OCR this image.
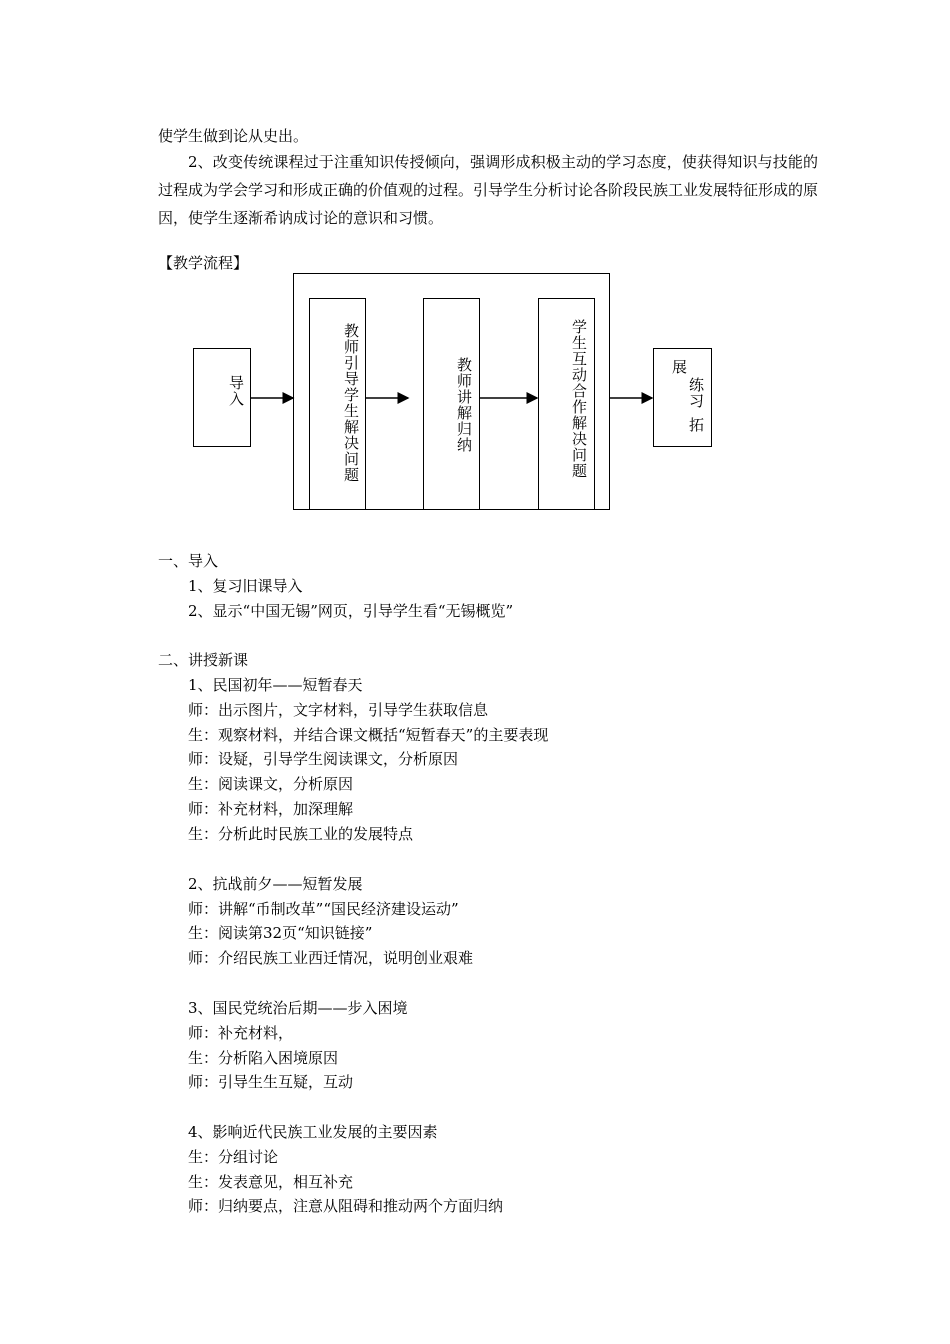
使学生做到论从史出。
2、改变传统课程过于注重知识传授倾向，强调形成积极主动的学习态度，使获得知识与技能的过程成为学会学习和形成正确的价值观的过程。引导学生分析讨论各阶段民族工业发展特征形成的原因，使学生逐渐希讷成讨论的意识和习惯。
【教学流程】
导入	教师引导学生解决问题	教师讲解归纳	学生互动合作解决问题	展
练习
拓
一、导入
1、复习旧课导入
2、显示“中国无锡”网页，引导学生看“无锡概览”
二、讲授新课
1、民国初年——短暂春天
师：出示图片，文字材料，引导学生获取信息
生：观察材料，并结合课文概括“短暂春天”的主要表现
师：设疑，引导学生阅读课文，分析原因
生：阅读课文，分析原因
师：补充材料，加深理解
生：分析此时民族工业的发展特点
2、抗战前夕——短暂发展
师：讲解“币制改革”“国民经济建设运动”
生：阅读第32页“知识链接”
师：介绍民族工业西迁情况，说明创业艰难
3、国民党统治后期——步入困境
师：补充材料，
生：分析陷入困境原因
师：引导生生互疑，互动
4、影响近代民族工业发展的主要因素
生：分组讨论
生：发表意见，相互补充
师：归纳要点，注意从阻碍和推动两个方面归纳
